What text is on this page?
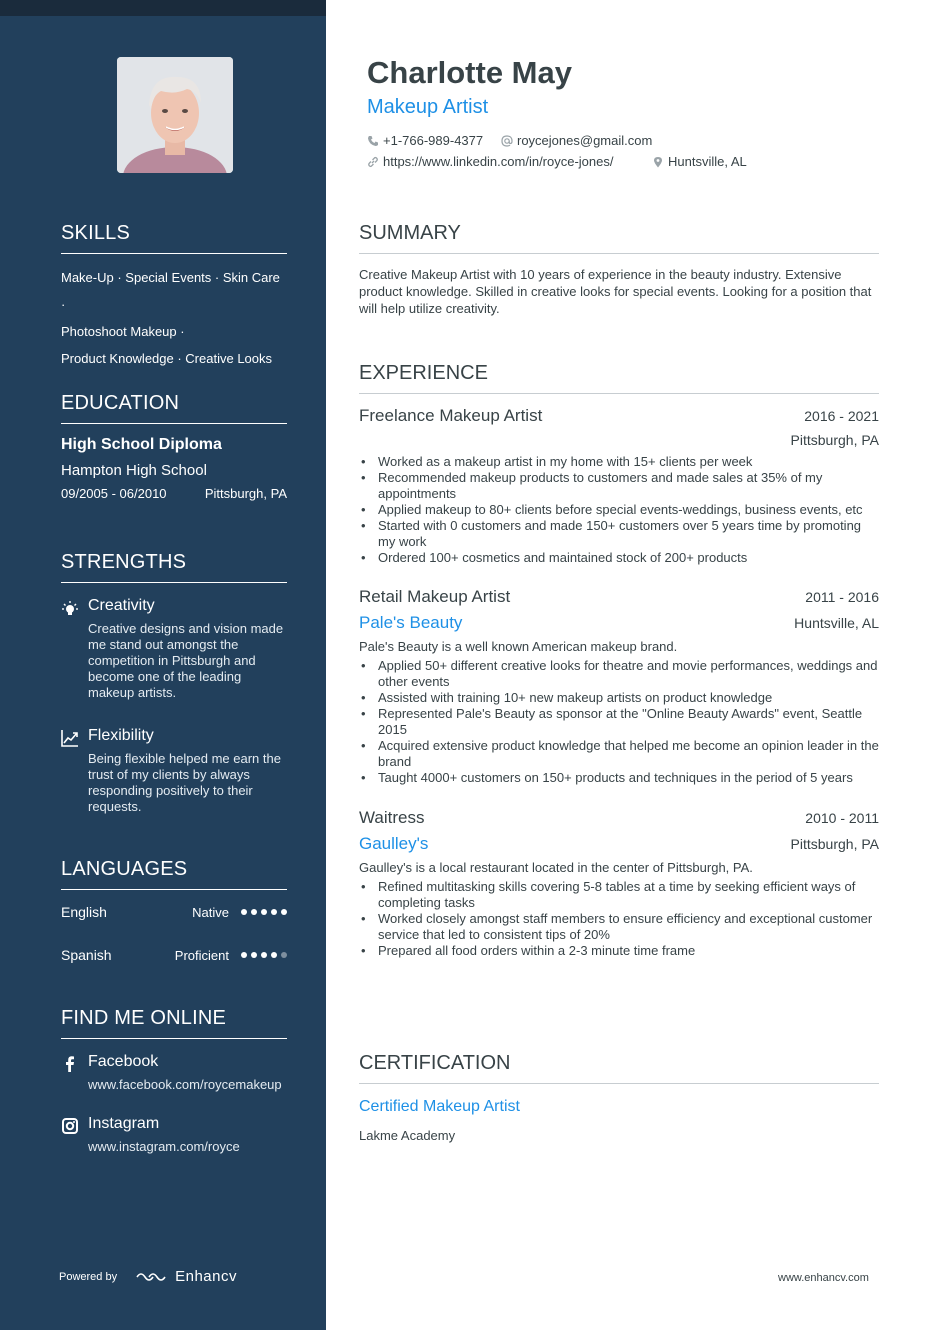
SKILLS
Make-Up · Special Events · Skin Care ·
Photoshoot Makeup ·
Product Knowledge · Creative Looks
EDUCATION
High School Diploma
Hampton High School
09/2005 - 06/2010	Pittsburgh, PA
STRENGTHS
Creativity
Creative designs and vision made me stand out amongst the competition in Pittsburgh and become one of the leading makeup artists.
Flexibility
Being flexible helped me earn the trust of my clients by always responding positively to their requests.
LANGUAGES
English	Native
Spanish	Proficient
FIND ME ONLINE
Facebook
www.facebook.com/roycemakeup
Instagram
www.instagram.com/royce
Powered by	Enhancv
Charlotte May
Makeup Artist
+1-766-989-4377	roycejones@gmail.com
https://www.linkedin.com/in/royce-jones/	Huntsville, AL
SUMMARY
Creative Makeup Artist with 10 years of experience in the beauty industry. Extensive product knowledge. Skilled in creative looks for special events. Looking for a position that will help utilize creativity.
EXPERIENCE
Freelance Makeup Artist	2016 - 2021
Pittsburgh, PA
• Worked as a makeup artist in my home with 15+ clients per week
• Recommended makeup products to customers and made sales at 35% of my appointments
• Applied makeup to 80+ clients before special events-weddings, business events, etc
• Started with 0 customers and made 150+ customers over 5 years time by promoting my work
• Ordered 100+ cosmetics and maintained stock of 200+ products
Retail Makeup Artist	2011 - 2016
Pale's Beauty	Huntsville, AL
Pale's Beauty is a well known American makeup brand.
• Applied 50+ different creative looks for theatre and movie performances, weddings and other events
• Assisted with training 10+ new makeup artists on product knowledge
• Represented Pale's Beauty as sponsor at the "Online Beauty Awards" event, Seattle 2015
• Acquired extensive product knowledge that helped me become an opinion leader in the brand
• Taught 4000+ customers on 150+ products and techniques in the period of 5 years
Waitress	2010 - 2011
Gaulley's	Pittsburgh, PA
Gaulley's is a local restaurant located in the center of Pittsburgh, PA.
• Refined multitasking skills covering 5-8 tables at a time by seeking efficient ways of completing tasks
• Worked closely amongst staff members to ensure efficiency and exceptional customer service that led to consistent tips of 20%
• Prepared all food orders within a 2-3 minute time frame
CERTIFICATION
Certified Makeup Artist
Lakme Academy
www.enhancv.com
